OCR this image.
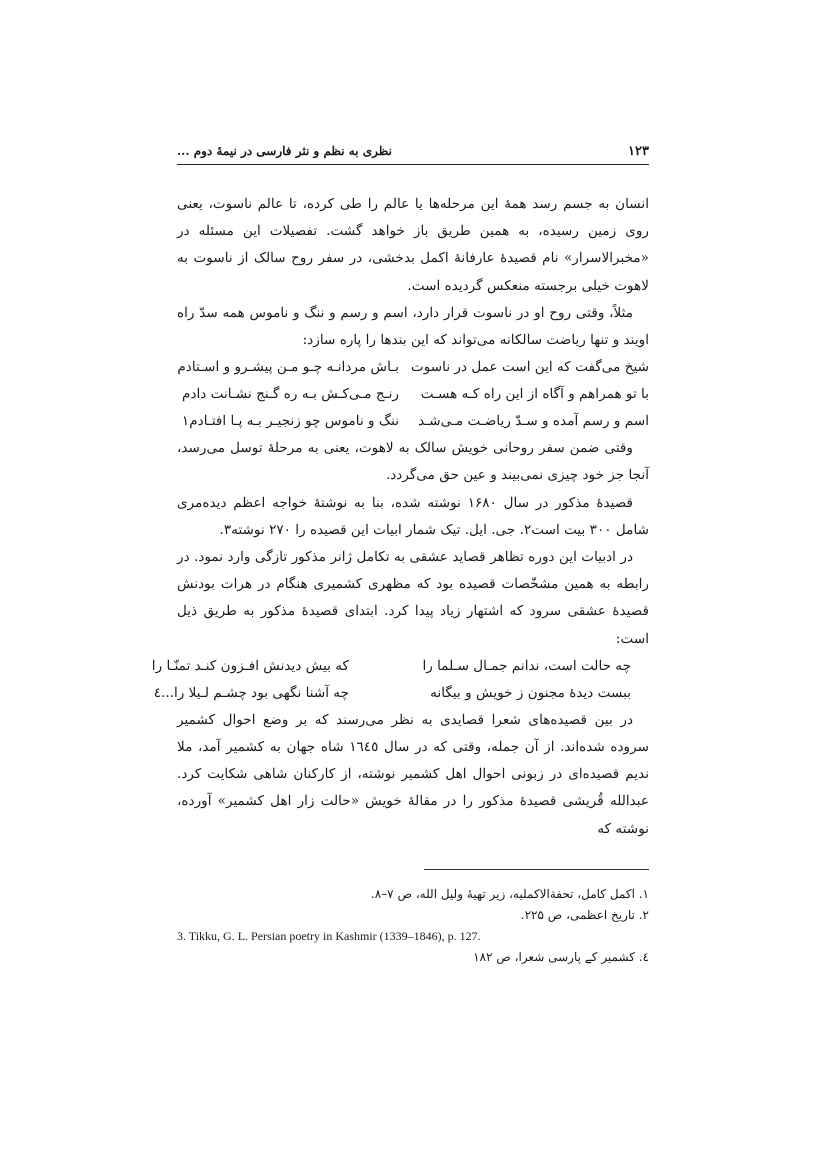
۱۲۳
نظری به نظم و نثر فارسی در نیمهٔ دوم ...

انسان به جسم رسد همهٔ این مرحله‌ها یا عالم را طی کرده، تا عالم ناسوت، یعنی روی زمین رسیده، به همین طریق باز خواهد گشت. تفصیلات این مسئله در «مخبرالاسرار» نام قصیدهٔ عارفانهٔ اکمل بدخشی، در سفر روح سالک از ناسوت به لاهوت خیلی برجسته منعکس گردیده است.

مثلاً، وقتی روح او در ناسوت قرار دارد، اسم و رسم و ننگ و ناموس همه سدّ راه اویند و تنها ریاضت سالکانه می‌تواند که این بندها را پاره سازد:

شیخ می‌گفت که این است عمل در ناسوت
بـاش مردانـه چـو مـن پیشـرو و اسـتادم
با تو همراهم و آگاه از این راه کـه هسـت
رنـج مـی‌کـش بـه ره گـنج نشـانت دادم
اسم و رسم آمده و سـدّ ریاضـت مـی‌شـد
ننگ و ناموس چو زنجیـر بـه پـا افتـادم۱

وقتی ضمن سفر روحانی خویش سالک به لاهوت، یعنی به مرحلهٔ توسل می‌رسد، آنجا جز خود چیزی نمی‌بیند و عین حق می‌گردد.

قصیدهٔ مذکور در سال ۱۶۸۰ نوشته شده، بنا به نوشتهٔ خواجه اعظم دیده‌مری شامل ۳۰۰ بیت است۲. جی. ایل. تیک شمار ابیات این قصیده را ۲۷۰ نوشته۳.

در ادبیات این دوره تظاهر قصاید عشقی به تکامل ژانر مذکور تازگی وارد نمود. در رابطه به همین مشخّصات قصیده بود که مظهری کشمیری هنگام در هرات بودنش قصیدهٔ عشقی سرود که اشتهار زیاد پیدا کرد. ابتدای قصیدهٔ مذکور به طریق ذیل است:

چه حالت است، ندانم جمـال سـلما را
که بیش دیدنش افـزون کنـد تمنّـا را
ببست دیدهٔ مجنون ز خویش و بیگانه
چه آشنا نگهی بود چشـم لـیلا را...٤

در بین قصیده‌های شعرا قصایدی به نظر می‌رسند که بر وضع احوال کشمیر سروده شده‌اند. از آن جمله، وقتی که در سال ۱٦٤٥ شاه جهان به کشمیر آمد، ملا ندیم قصیده‌ای در زبونی احوال اهل کشمیر نوشته، از کارکنان شاهی شکایت کرد. عبدالله قُریشی قصیدهٔ مذکور را در مقالهٔ خویش «حالت زار اهل کشمیر» آورده، نوشته که

۱. اکمل کامل، تحفةالاکملیه، زیر تهیهٔ ولیل الله، ص ۷–۸.
۲. تاریخ اعظمی، ص ۲۲۵.
3. Tikku, G. L. Persian poetry in Kashmir (1339–1846), p. 127.
٤. کشمیر کے پارسی شعرا، ص ۱۸۲
